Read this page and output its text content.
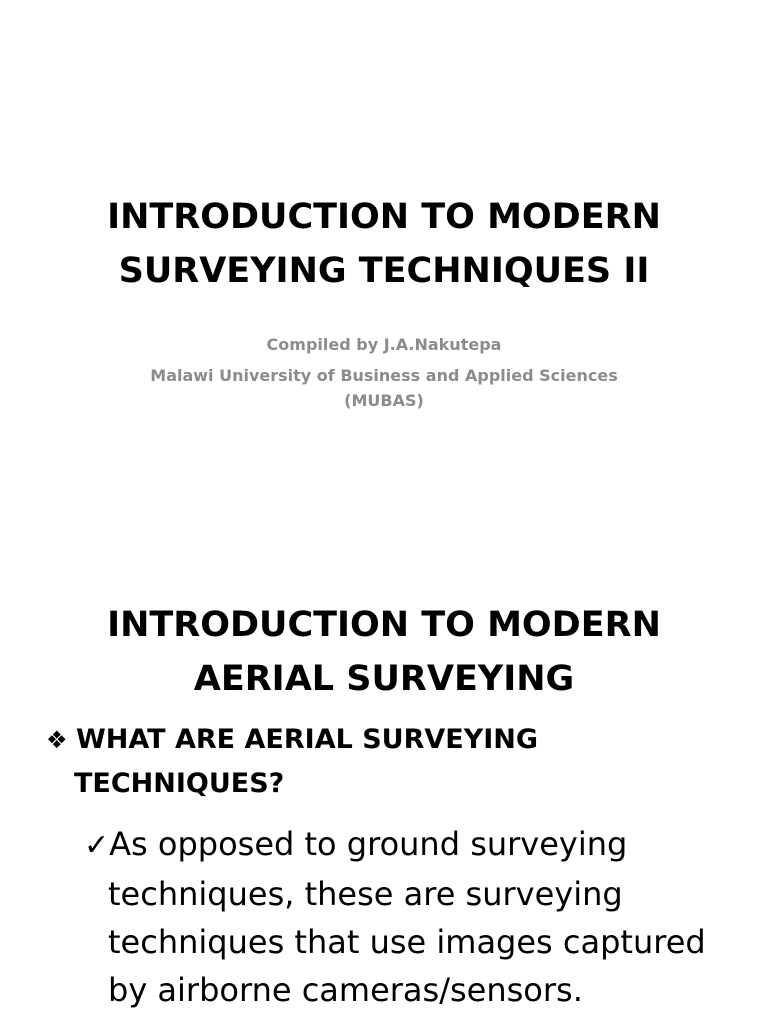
INTRODUCTION TO MODERN
SURVEYING TECHNIQUES II
Compiled by J.A.Nakutepa
Malawi University of Business and Applied Sciences
(MUBAS)
INTRODUCTION TO MODERN
AERIAL SURVEYING
❖ WHAT ARE AERIAL SURVEYING
TECHNIQUES?
✓As opposed to ground surveying
techniques, these are surveying
techniques that use images captured
by airborne cameras/sensors.
